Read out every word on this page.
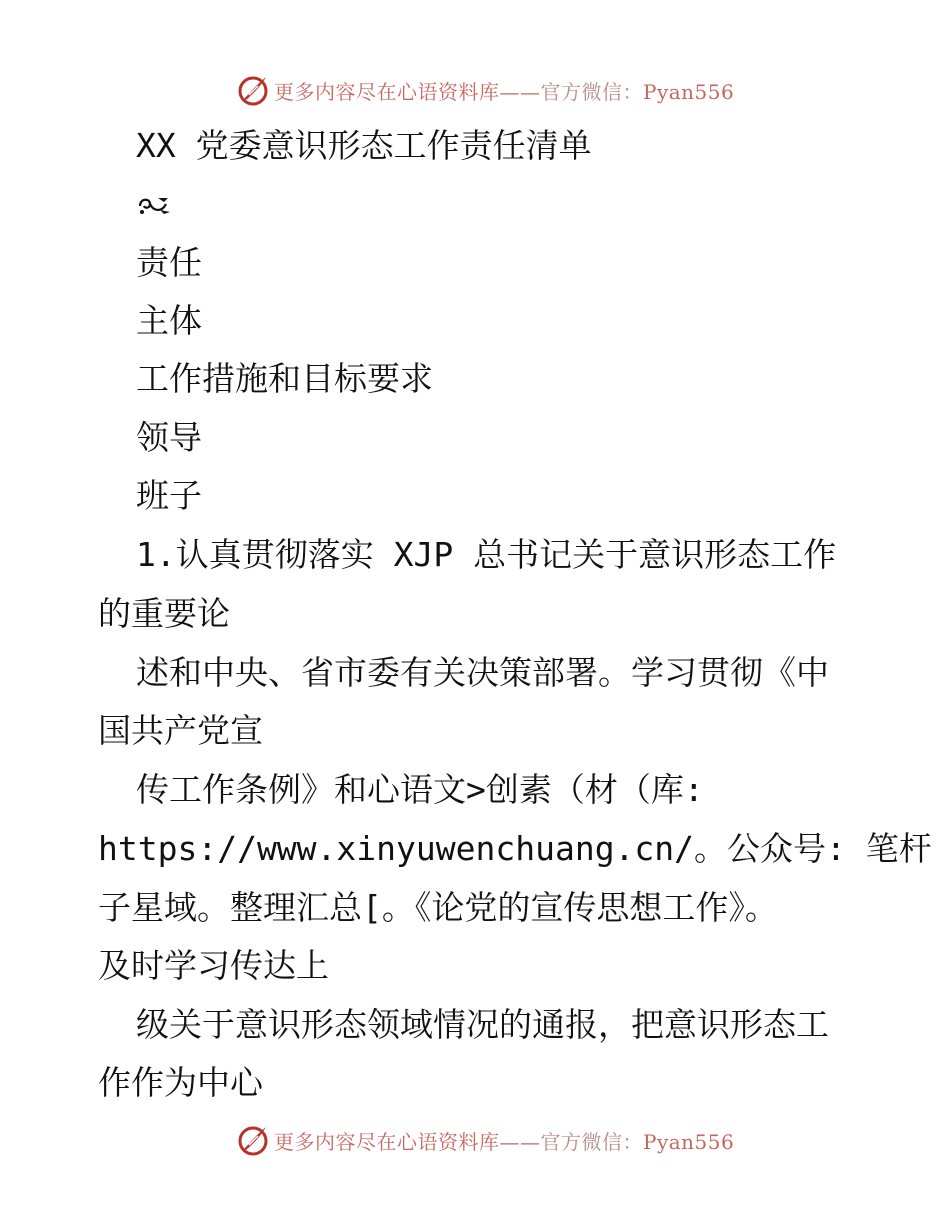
更多内容尽在心语资料库——官方微信：Pyan556

XX 党委意识形态工作责任清单

责任

主体

工作措施和目标要求

领导

班子

1.认真贯彻落实 XJP 总书记关于意识形态工作

的重要论

述和中央、省市委有关决策部署。学习贯彻《中

国共产党宣

传工作条例》和心语文>创素（材（库:

https://www.xinyuwenchuang.cn/。公众号: 笔杆

子星域。整理汇总[。《论党的宣传思想工作》。

及时学习传达上

级关于意识形态领域情况的通报，把意识形态工

作作为中心

更多内容尽在心语资料库——官方微信：Pyan556
